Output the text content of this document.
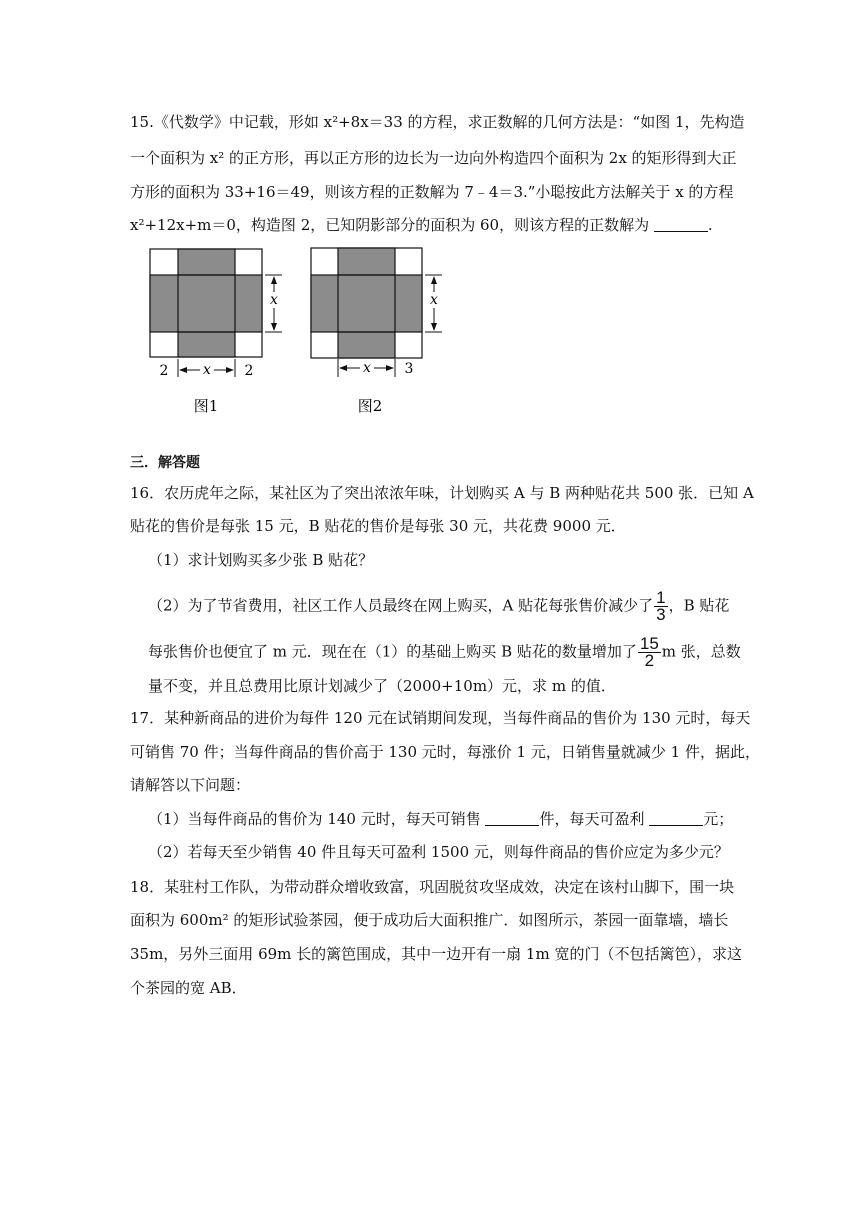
15.《代数学》中记载，形如 x²+8x＝33 的方程，求正数解的几何方法是：“如图 1，先构造
一个面积为 x² 的正方形，再以正方形的边长为一边向外构造四个面积为 2x 的矩形得到大正
方形的面积为 33+16＝49，则该方程的正数解为 7﹣4＝3.”小聪按此方法解关于 x 的方程
x²+12x+m＝0，构造图 2，已知阴影部分的面积为 60，则该方程的正数解为	.
x
x
2	2
图1
x
x 3
图2
三．解答题
16．农历虎年之际，某社区为了突出浓浓年味，计划购买 A 与 B 两种贴花共 500 张．已知 A
贴花的售价是每张 15 元，B 贴花的售价是每张 30 元，共花费 9000 元．
（1）求计划购买多少张 B 贴花？
（2）为了节省费用，社区工作人员最终在网上购买，A 贴花每张售价减少了 $\frac{1}{3}$ ，B 贴花
每张售价也便宜了 m 元．现在在（1）的基础上购买 B 贴花的数量增加了 $\frac{15}{2}$ m 张，总数
量不变，并且总费用比原计划减少了（2000+10m）元，求 m 的值．
17．某种新商品的进价为每件 120 元在试销期间发现，当每件商品的售价为 130 元时，每天
可销售 70 件；当每件商品的售价高于 130 元时，每涨价 1 元，日销售量就减少 1 件，据此，
请解答以下问题：
（1）当每件商品的售价为 140 元时，每天可销售	件，每天可盈利	元；
（2）若每天至少销售 40 件且每天可盈利 1500 元，则每件商品的售价应定为多少元？
18．某驻村工作队，为带动群众增收致富，巩固脱贫攻坚成效，决定在该村山脚下，围一块
面积为 600m² 的矩形试验茶园，便于成功后大面积推广．如图所示，茶园一面靠墙，墙长
35m，另外三面用 69m 长的篱笆围成，其中一边开有一扇 1m 宽的门（不包括篱笆），求这
个茶园的宽 AB．
